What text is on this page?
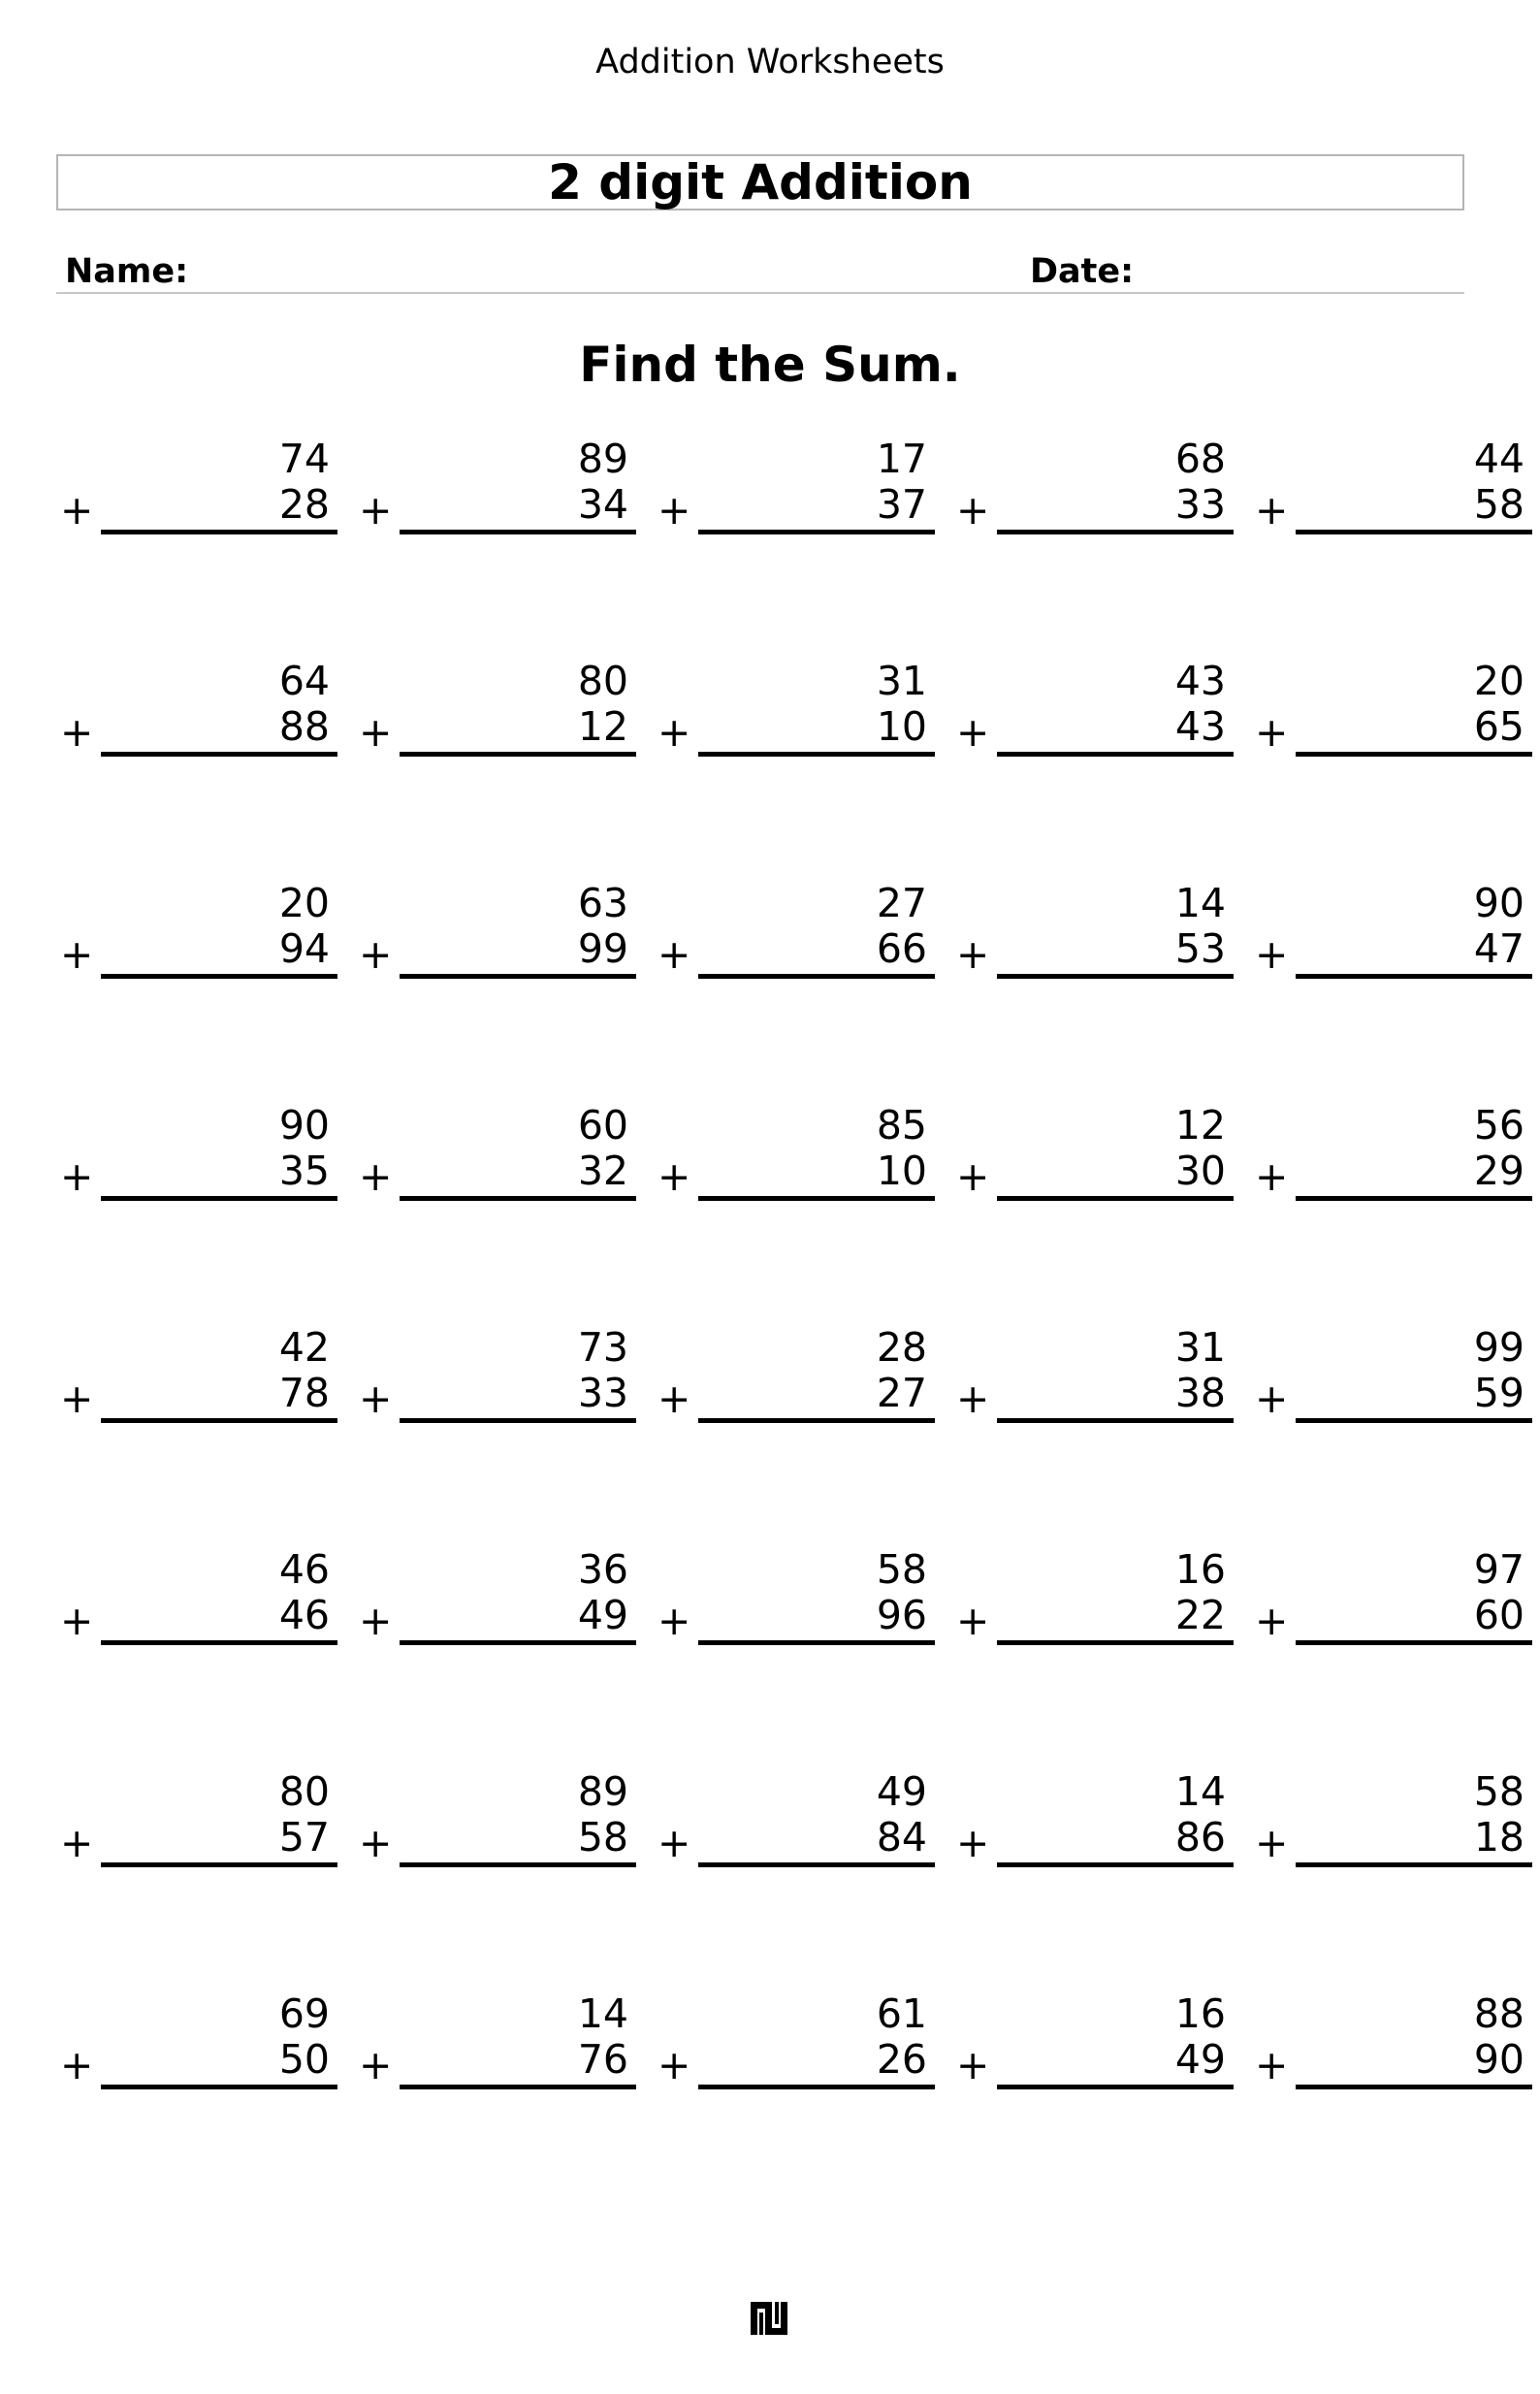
Addition Worksheets
2 digit Addition
Name:	Date:
Find the Sum.
74
+	28
89
+	34
17
+	37
68
+	33
44
+	58
64
+	88
80
+	12
31
+	10
43
+	43
20
+	65
20
+	94
63
+	99
27
+	66
14
+	53
90
+	47
90
+	35
60
+	32
85
+	10
12
+	30
56
+	29
42
+	78
73
+	33
28
+	27
31
+	38
99
+	59
46
+	46
36
+	49
58
+	96
16
+	22
97
+	60
80
+	57
89
+	58
49
+	84
14
+	86
58
+	18
69
+	50
14
+	76
61
+	26
16
+	49
88
+	90
